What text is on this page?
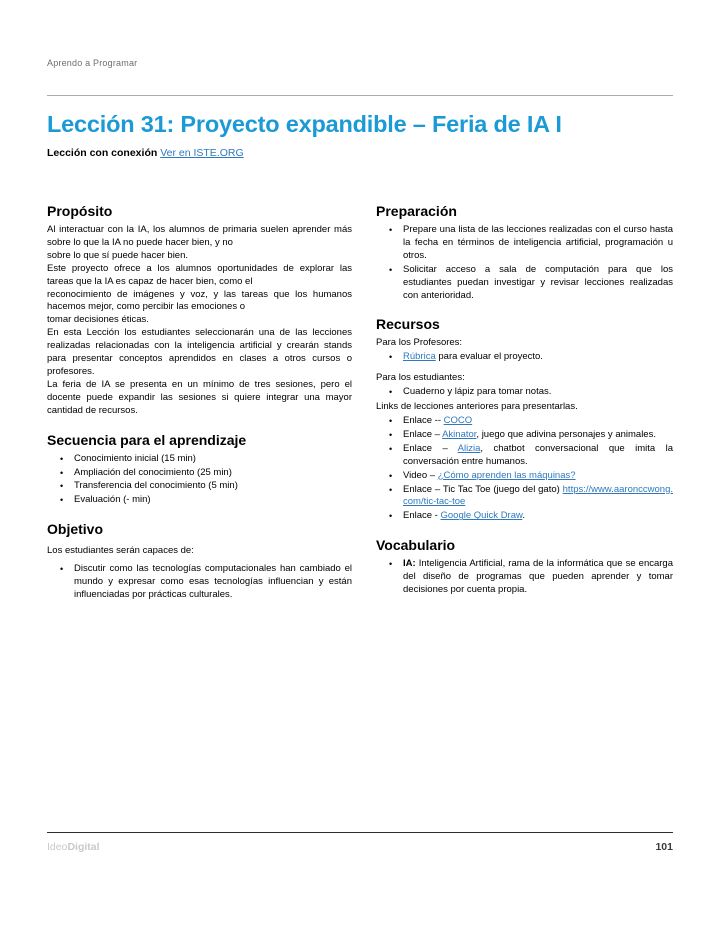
Aprendo a Programar
Lección 31: Proyecto expandible – Feria de IA I
Lección con conexión Ver en ISTE.ORG
Propósito
Al interactuar con la IA, los alumnos de primaria suelen aprender más sobre lo que la IA no puede hacer bien, y no
sobre lo que sí puede hacer bien.
Este proyecto ofrece a los alumnos oportunidades de explorar las tareas que la IA es capaz de hacer bien, como el
reconocimiento de imágenes y voz, y las tareas que los humanos hacemos mejor, como percibir las emociones o
tomar decisiones éticas.
En esta Lección los estudiantes seleccionarán una de las lecciones realizadas relacionadas con la inteligencia artificial y crearán stands para presentar conceptos aprendidos en clases a otros cursos o profesores.
La feria de IA se presenta en un mínimo de tres sesiones, pero el docente puede expandir las sesiones si quiere integrar una mayor cantidad de recursos.
Secuencia para el aprendizaje
•	Conocimiento inicial (15 min)
•	Ampliación del conocimiento (25 min)
•	Transferencia del conocimiento (5 min)
•	Evaluación (- min)
Objetivo
Los estudiantes serán capaces de:
•	Discutir como las tecnologías computacionales han cambiado el mundo y expresar como esas tecnologías influencian y están influenciadas por prácticas culturales.
Preparación
•	Prepare una lista de las lecciones realizadas con el curso hasta la fecha en términos de inteligencia artificial, programación u otros.
•	Solicitar acceso a sala de computación para que los estudiantes puedan investigar y revisar lecciones realizadas con anterioridad.
Recursos
Para los Profesores:
•	Rúbrica para evaluar el proyecto.
Para los estudiantes:
•	Cuaderno y lápiz para tomar notas.
Links de lecciones anteriores para presentarlas.
•	Enlace -- COCO
•	Enlace – Akinator, juego que adivina personajes y animales.
•	Enlace – Alizia, chatbot conversacional que imita la conversación entre humanos.
•	Video – ¿Cómo aprenden las máquinas?
•	Enlace – Tic Tac Toe (juego del gato) https://www.aaronccwong.com/tic-tac-toe
•	Enlace - Google Quick Draw.
Vocabulario
•	IA: Inteligencia Artificial, rama de la informática que se encarga del diseño de programas que pueden aprender y tomar decisiones por cuenta propia.
IdeoDigital	101
